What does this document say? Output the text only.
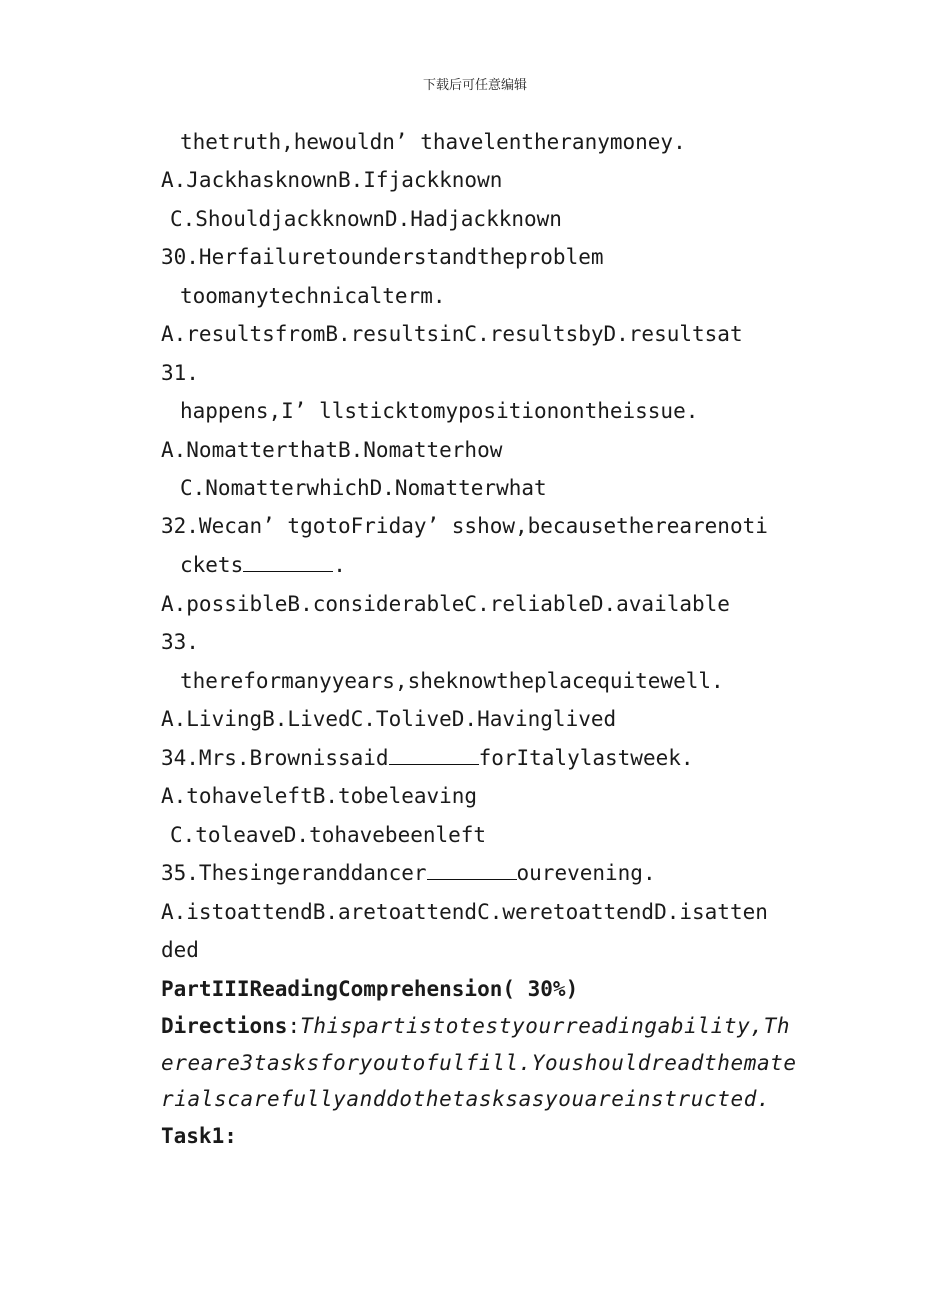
下载后可任意编辑
thetruth,hewouldn’ thavelentheranymoney.
A.JackhasknownB.Ifjackknown
C.ShouldjackknownD.Hadjackknown
30.Herfailuretounderstandtheproblem
toomanytechnicalterm.
A.resultsfromB.resultsinC.resultsbyD.resultsat
31.
happens,I’ llsticktomypositionontheissue.
A.NomatterthatB.Nomatterhow
C.NomatterwhichD.Nomatterwhat
32.Wecan’ tgotoFriday’ sshow,becausetherearenoti
ckets	.
A.possibleB.considerableC.reliableD.available
33.
thereformanyyears,sheknowtheplacequitewell.
A.LivingB.LivedC.ToliveD.Havinglived
34.Mrs.Brownissaid	forItalylastweek.
A.tohaveleftB.tobeleaving
C.toleaveD.tohavebeenleft
35.Thesingeranddancer	ourevening.
A.istoattendB.aretoattendC.weretoattendD.isatten
ded
PartIIIReadingComprehension( 30%)
Directions:Thispartistotestyourreadingability,Th
ereare3tasksforyoutofulfill.Youshouldreadthemate
rialscarefullyanddothetasksasyouareinstructed.
Task1:
